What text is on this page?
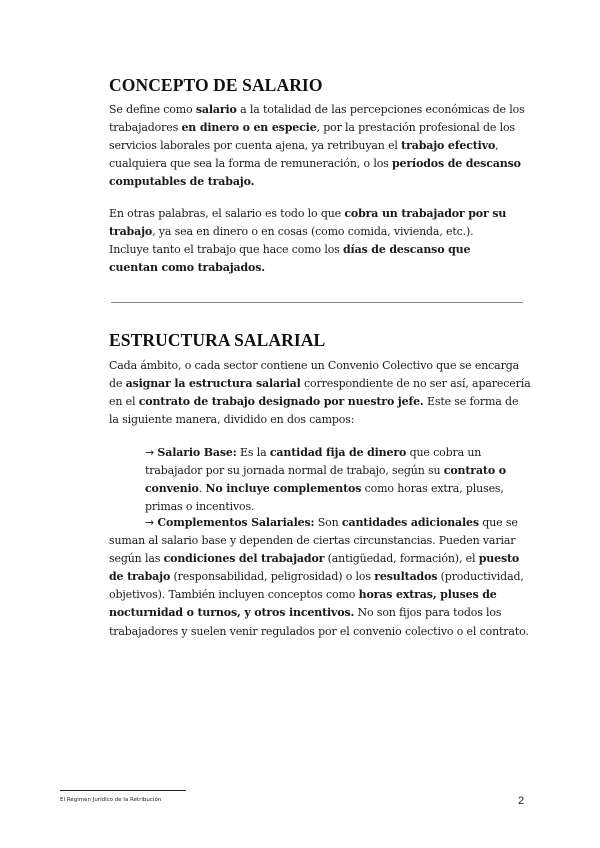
CONCEPTO DE SALARIO

Se define como salario a la totalidad de las percepciones económicas de los trabajadores en dinero o en especie, por la prestación profesional de los servicios laborales por cuenta ajena, ya retribuyan el trabajo efectivo, cualquiera que sea la forma de remuneración, o los períodos de descanso computables de trabajo.

En otras palabras, el salario es todo lo que cobra un trabajador por su trabajo, ya sea en dinero o en cosas (como comida, vivienda, etc.). Incluye tanto el trabajo que hace como los días de descanso que cuentan como trabajados.

ESTRUCTURA SALARIAL

Cada ámbito, o cada sector contiene un Convenio Colectivo que se encarga de asignar la estructura salarial correspondiente de no ser así, aparecería en el contrato de trabajo designado por nuestro jefe. Este se forma de la siguiente manera, dividido en dos campos:

→ Salario Base: Es la cantidad fija de dinero que cobra un trabajador por su jornada normal de trabajo, según su contrato o convenio. No incluye complementos como horas extra, pluses, primas o incentivos.

→ Complementos Salariales: Son cantidades adicionales que se suman al salario base y dependen de ciertas circunstancias. Pueden variar según las condiciones del trabajador (antigüedad, formación), el puesto de trabajo (responsabilidad, peligrosidad) o los resultados (productividad, objetivos). También incluyen conceptos como horas extras, pluses de nocturnidad o turnos, y otros incentivos. No son fijos para todos los trabajadores y suelen venir regulados por el convenio colectivo o el contrato.

El Régimen Jurídico de la Retribución	2
